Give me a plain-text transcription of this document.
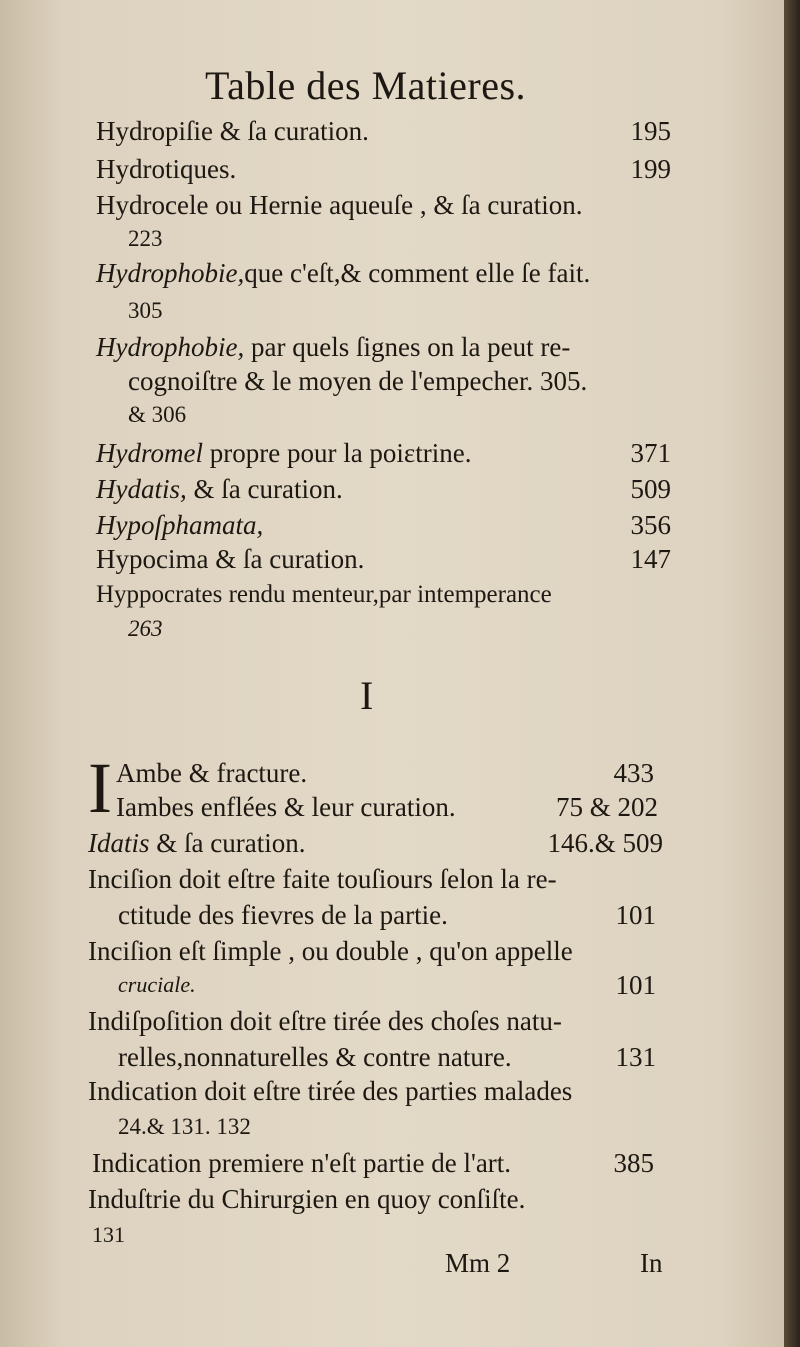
Table des Matieres.
Hydropiſie & ſa curation.	195
Hydrotiques.	199
Hydrocele ou Hernie aqueuſe , & ſa curation.
223
Hydrophobie,que c'eſt,& comment elle ſe fait.
305
Hydrophobie, par quels ſignes on la peut re-
cognoiſtre & le moyen de l'empecher. 305.
& 306
Hydromel propre pour la poiɛtrine.	371
Hydatis, & ſa curation.	509
Hypoſphamata,	356
Hypocima & ſa curation.	147
Hyppocrates rendu menteur,par intemperance
263
I
I Ambe & fracture.	433
Iambes enflées & leur curation.	75 & 202
Idatis & ſa curation.	146.& 509
Inciſion doit eſtre faite touſiours ſelon la re-
ctitude des fievres de la partie.	101
Inciſion eſt ſimple , ou double , qu'on appelle
cruciale.	101
Indiſpoſition doit eſtre tirée des choſes natu-
relles,nonnaturelles & contre nature.	131
Indication doit eſtre tirée des parties malades
24.& 131. 132
Indication premiere n'eſt partie de l'art.	385
Induſtrie du Chirurgien en quoy conſiſte.
131
Mm 2	In
